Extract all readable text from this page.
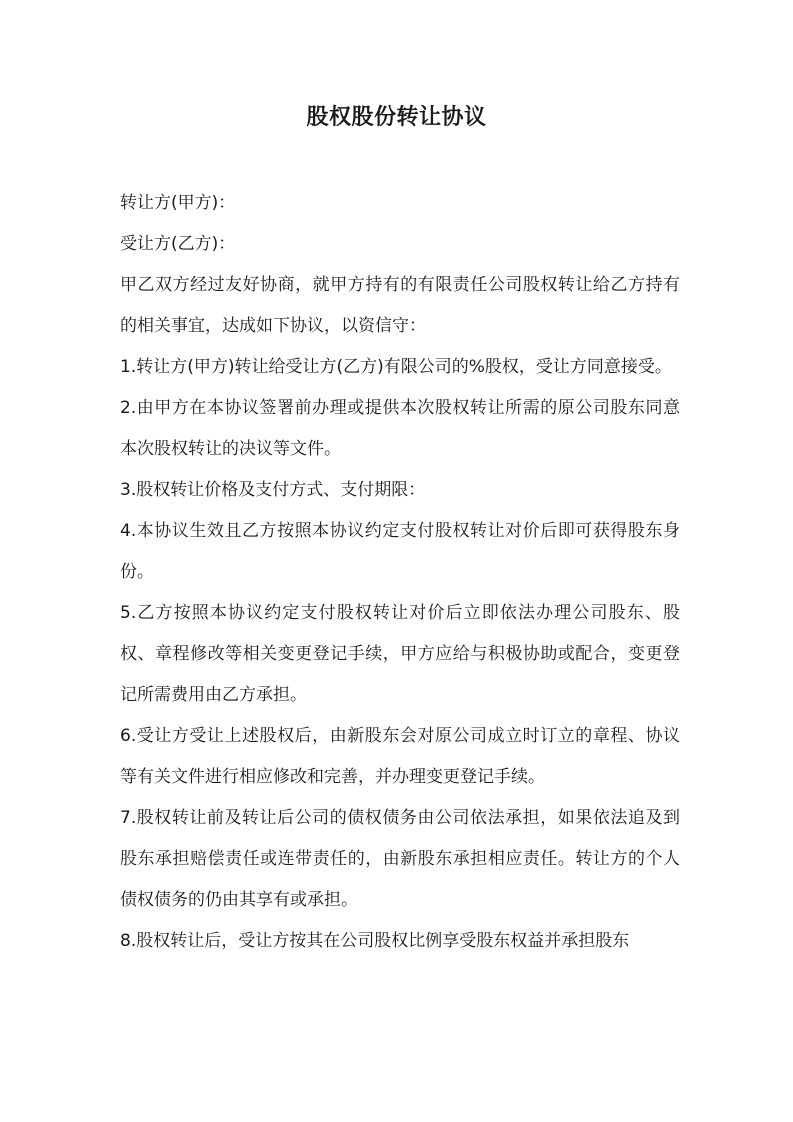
股权股份转让协议

转让方(甲方)：

受让方(乙方)：

甲乙双方经过友好协商，就甲方持有的有限责任公司股权转让给乙方持有的相关事宜，达成如下协议，以资信守：

1.转让方(甲方)转让给受让方(乙方)有限公司的%股权，受让方同意接受。

2.由甲方在本协议签署前办理或提供本次股权转让所需的原公司股东同意本次股权转让的决议等文件。

3.股权转让价格及支付方式、支付期限：

4.本协议生效且乙方按照本协议约定支付股权转让对价后即可获得股东身份。

5.乙方按照本协议约定支付股权转让对价后立即依法办理公司股东、股权、章程修改等相关变更登记手续，甲方应给与积极协助或配合，变更登记所需费用由乙方承担。

6.受让方受让上述股权后，由新股东会对原公司成立时订立的章程、协议等有关文件进行相应修改和完善，并办理变更登记手续。

7.股权转让前及转让后公司的债权债务由公司依法承担，如果依法追及到股东承担赔偿责任或连带责任的，由新股东承担相应责任。转让方的个人债权债务的仍由其享有或承担。

8.股权转让后，受让方按其在公司股权比例享受股东权益并承担股东
